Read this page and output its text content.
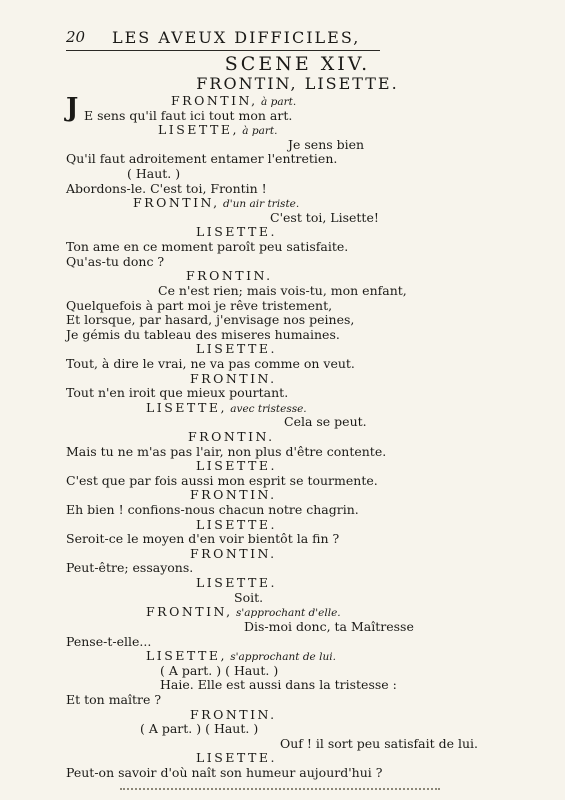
20 LES AVEUX DIFFICILES,
SCENE XIV.
FRONTIN, LISETTE.
J	FRONTIN, à part.
E sens qu'il faut ici tout mon art.
LISETTE, à part.
Je sens bien
Qu'il faut adroitement entamer l'entretien.
( Haut. )
Abordons-le. C'est toi, Frontin !
FRONTIN, d'un air triste.
C'est toi, Lisette!
LISETTE.
Ton ame en ce moment paroît peu satisfaite.
Qu'as-tu donc ?
FRONTIN.
Ce n'est rien; mais vois-tu, mon enfant,
Quelquefois à part moi je rêve tristement,
Et lorsque, par hasard, j'envisage nos peines,
Je gémis du tableau des miseres humaines.
LISETTE.
Tout, à dire le vrai, ne va pas comme on veut.
FRONTIN.
Tout n'en iroit que mieux pourtant.
LISETTE, avec tristesse.
Cela se peut.
FRONTIN.
Mais tu ne m'as pas l'air, non plus d'être contente.
LISETTE.
C'est que par fois aussi mon esprit se tourmente.
FRONTIN.
Eh bien ! confions-nous chacun notre chagrin.
LISETTE.
Seroit-ce le moyen d'en voir bientôt la fin ?
FRONTIN.
Peut-être; essayons.
LISETTE.
Soit.
FRONTIN, s'approchant d'elle.
Dis-moi donc, ta Maîtresse
Pense-t-elle...
LISETTE, s'approchant de lui.
( A part. ) ( Haut. )
Haie. Elle est aussi dans la tristesse :
Et ton maître ?
FRONTIN.
( A part. ) ( Haut. )
Ouf ! il sort peu satisfait de lui.
LISETTE.
Peut-on savoir d'où naît son humeur aujourd'hui ?
